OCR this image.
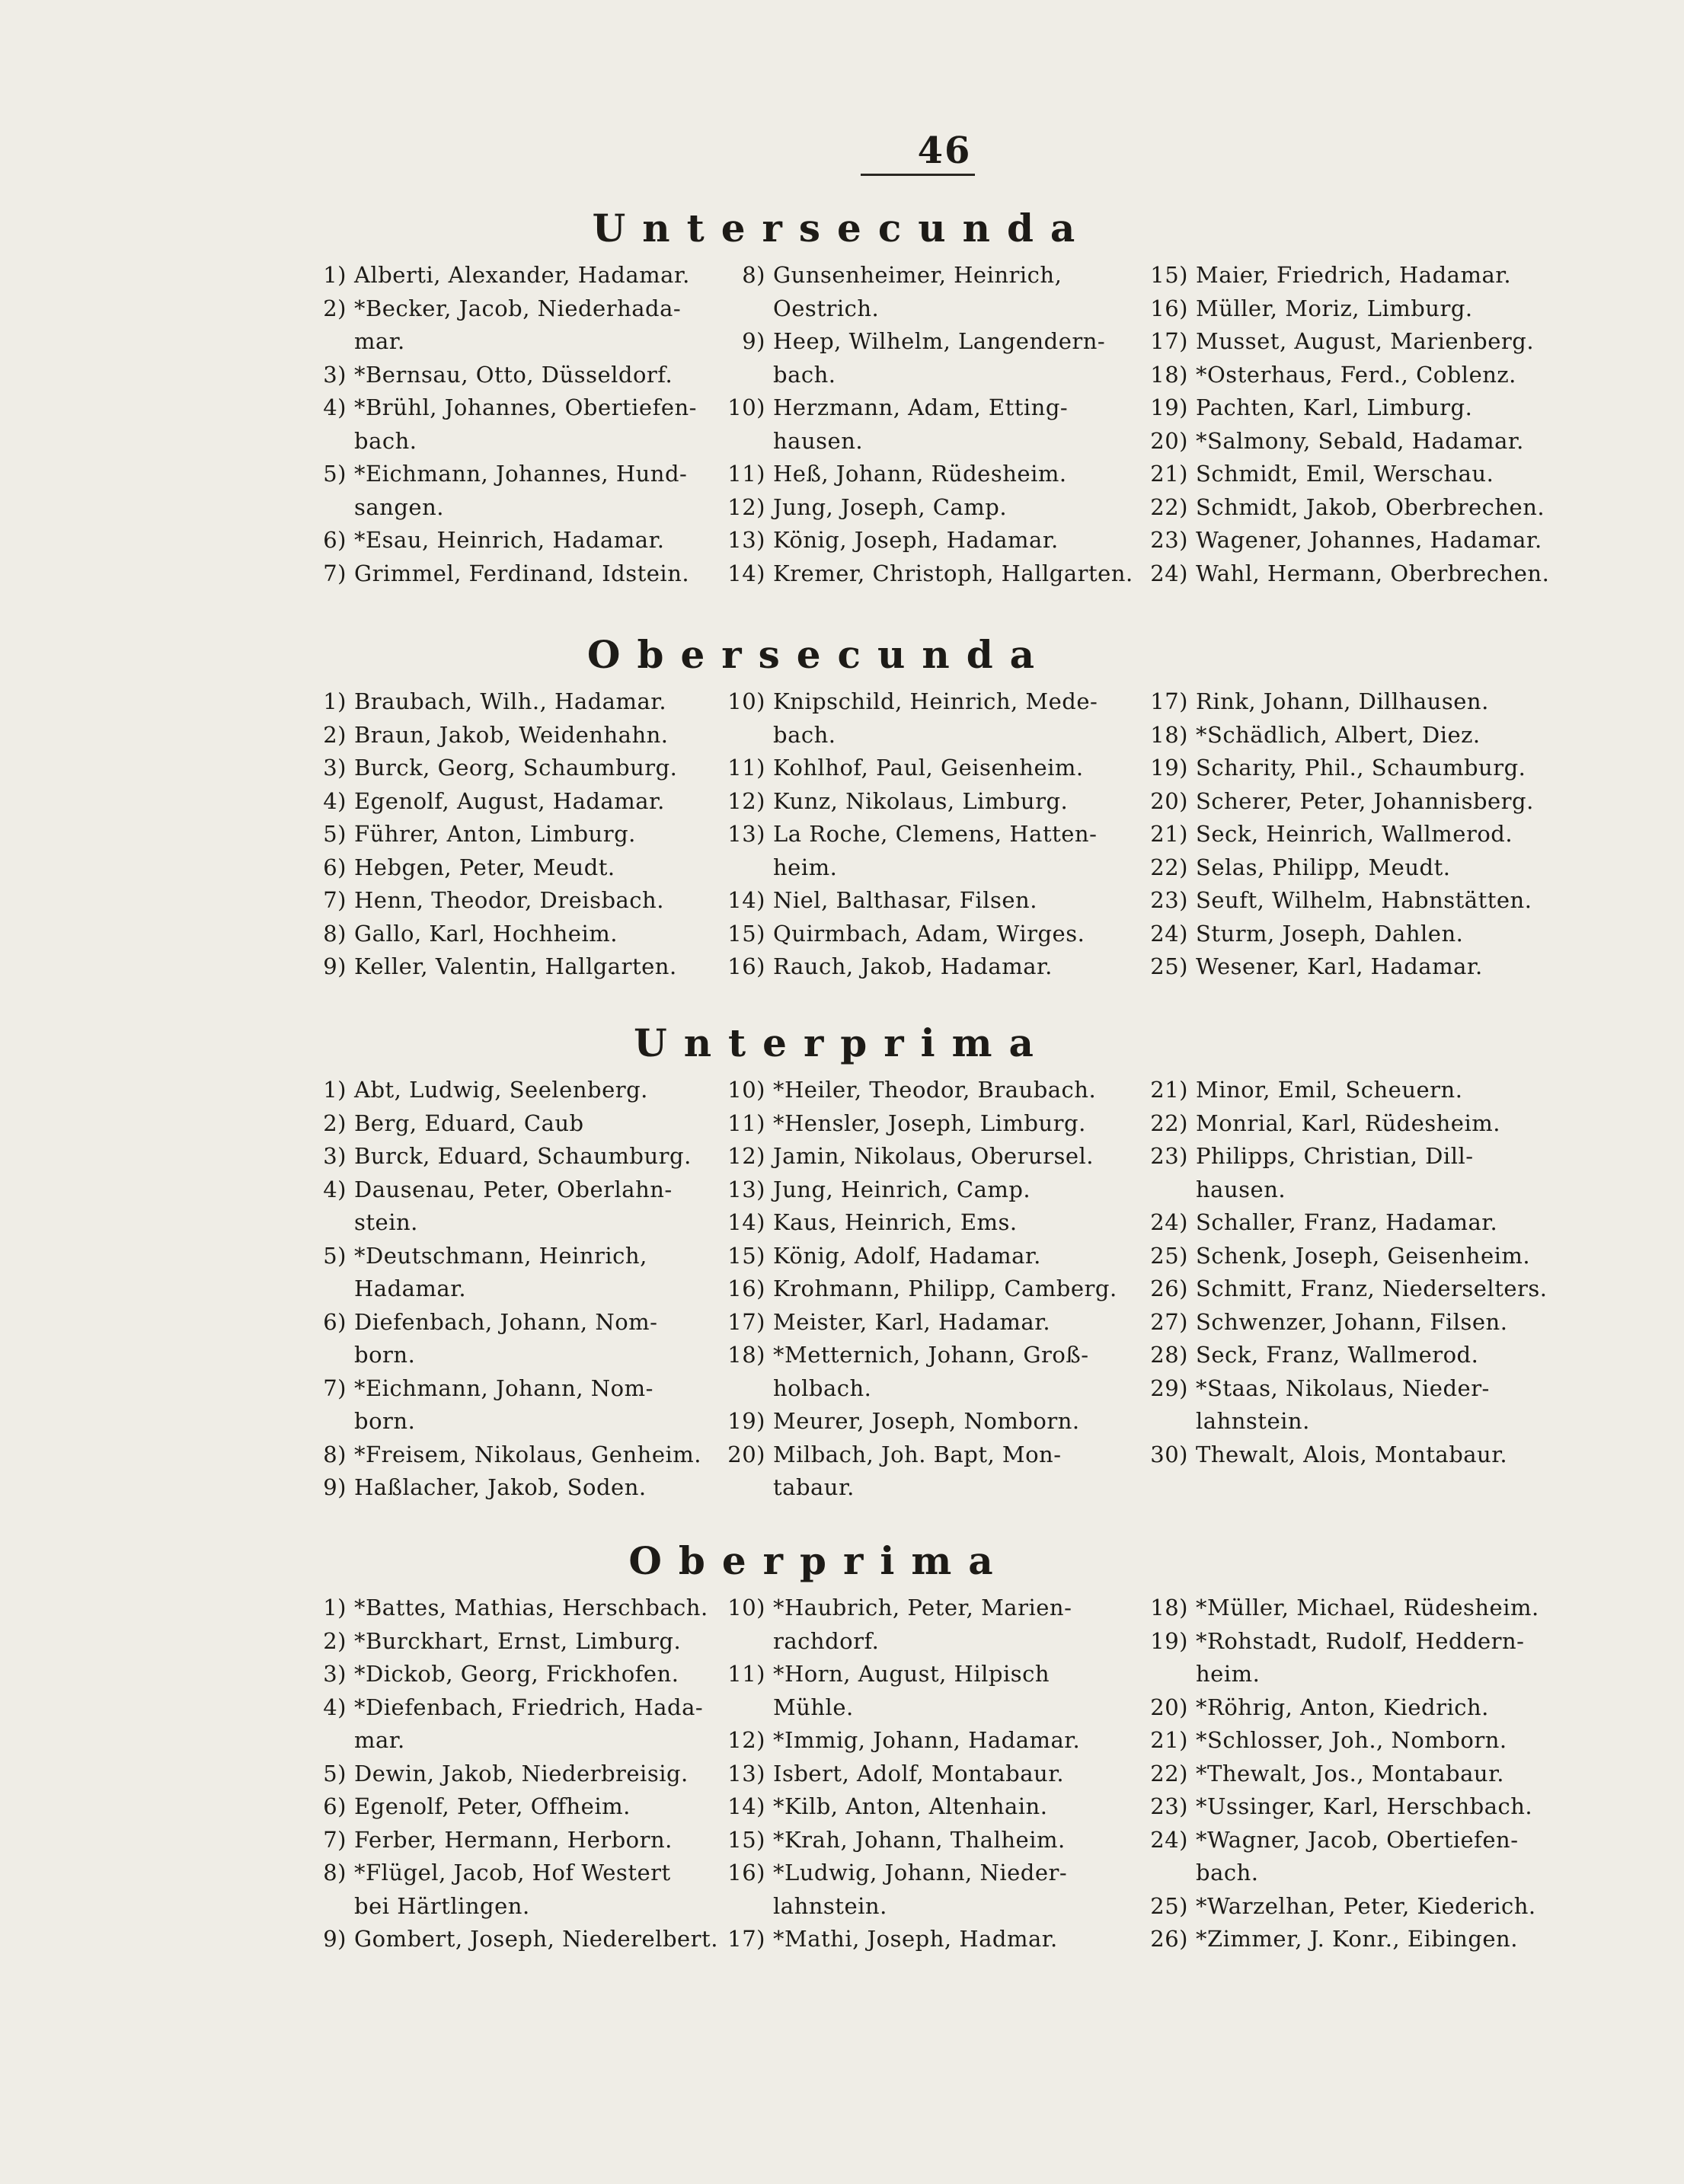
46
Untersecunda
1) Alberti, Alexander, Hadamar.
2) *Becker, Jacob, Niederhada-
mar.
3) *Bernsau, Otto, Düsseldorf.
4) *Brühl, Johannes, Obertiefen-
bach.
5) *Eichmann, Johannes, Hund-
sangen.
6) *Esau, Heinrich, Hadamar.
7) Grimmel, Ferdinand, Idstein.
8) Gunsenheimer, Heinrich,
Oestrich.
9) Heep, Wilhelm, Langendern-
bach.
10) Herzmann, Adam, Etting-
hausen.
11) Heß, Johann, Rüdesheim.
12) Jung, Joseph, Camp.
13) König, Joseph, Hadamar.
14) Kremer, Christoph, Hallgarten.
15) Maier, Friedrich, Hadamar.
16) Müller, Moriz, Limburg.
17) Musset, August, Marienberg.
18) *Osterhaus, Ferd., Coblenz.
19) Pachten, Karl, Limburg.
20) *Salmony, Sebald, Hadamar.
21) Schmidt, Emil, Werschau.
22) Schmidt, Jakob, Oberbrechen.
23) Wagener, Johannes, Hadamar.
24) Wahl, Hermann, Oberbrechen.
Obersecunda
1) Braubach, Wilh., Hadamar.
2) Braun, Jakob, Weidenhahn.
3) Burck, Georg, Schaumburg.
4) Egenolf, August, Hadamar.
5) Führer, Anton, Limburg.
6) Hebgen, Peter, Meudt.
7) Henn, Theodor, Dreisbach.
8) Gallo, Karl, Hochheim.
9) Keller, Valentin, Hallgarten.
10) Knipschild, Heinrich, Mede-
bach.
11) Kohlhof, Paul, Geisenheim.
12) Kunz, Nikolaus, Limburg.
13) La Roche, Clemens, Hatten-
heim.
14) Niel, Balthasar, Filsen.
15) Quirmbach, Adam, Wirges.
16) Rauch, Jakob, Hadamar.
17) Rink, Johann, Dillhausen.
18) *Schädlich, Albert, Diez.
19) Scharity, Phil., Schaumburg.
20) Scherer, Peter, Johannisberg.
21) Seck, Heinrich, Wallmerod.
22) Selas, Philipp, Meudt.
23) Seuft, Wilhelm, Habnstätten.
24) Sturm, Joseph, Dahlen.
25) Wesener, Karl, Hadamar.
Unterprima
1) Abt, Ludwig, Seelenberg.
2) Berg, Eduard, Caub
3) Burck, Eduard, Schaumburg.
4) Dausenau, Peter, Oberlahn-
stein.
5) *Deutschmann, Heinrich,
Hadamar.
6) Diefenbach, Johann, Nom-
born.
7) *Eichmann, Johann, Nom-
born.
8) *Freisem, Nikolaus, Genheim.
9) Haßlacher, Jakob, Soden.
10) *Heiler, Theodor, Braubach.
11) *Hensler, Joseph, Limburg.
12) Jamin, Nikolaus, Oberursel.
13) Jung, Heinrich, Camp.
14) Kaus, Heinrich, Ems.
15) König, Adolf, Hadamar.
16) Krohmann, Philipp, Camberg.
17) Meister, Karl, Hadamar.
18) *Metternich, Johann, Groß-
holbach.
19) Meurer, Joseph, Nomborn.
20) Milbach, Joh. Bapt, Mon-
tabaur.
21) Minor, Emil, Scheuern.
22) Monrial, Karl, Rüdesheim.
23) Philipps, Christian, Dill-
hausen.
24) Schaller, Franz, Hadamar.
25) Schenk, Joseph, Geisenheim.
26) Schmitt, Franz, Niederselters.
27) Schwenzer, Johann, Filsen.
28) Seck, Franz, Wallmerod.
29) *Staas, Nikolaus, Nieder-
lahnstein.
30) Thewalt, Alois, Montabaur.
Oberprima
1) *Battes, Mathias, Herschbach.
2) *Burckhart, Ernst, Limburg.
3) *Dickob, Georg, Frickhofen.
4) *Diefenbach, Friedrich, Hada-
mar.
5) Dewin, Jakob, Niederbreisig.
6) Egenolf, Peter, Offheim.
7) Ferber, Hermann, Herborn.
8) *Flügel, Jacob, Hof Westert
bei Härtlingen.
9) Gombert, Joseph, Niederelbert.
10) *Haubrich, Peter, Marien-
rachdorf.
11) *Horn, August, Hilpisch
Mühle.
12) *Immig, Johann, Hadamar.
13) Isbert, Adolf, Montabaur.
14) *Kilb, Anton, Altenhain.
15) *Krah, Johann, Thalheim.
16) *Ludwig, Johann, Nieder-
lahnstein.
17) *Mathi, Joseph, Hadmar.
18) *Müller, Michael, Rüdesheim.
19) *Rohstadt, Rudolf, Heddern-
heim.
20) *Röhrig, Anton, Kiedrich.
21) *Schlosser, Joh., Nomborn.
22) *Thewalt, Jos., Montabaur.
23) *Ussinger, Karl, Herschbach.
24) *Wagner, Jacob, Obertiefen-
bach.
25) *Warzelhan, Peter, Kiederich.
26) *Zimmer, J. Konr., Eibingen.
